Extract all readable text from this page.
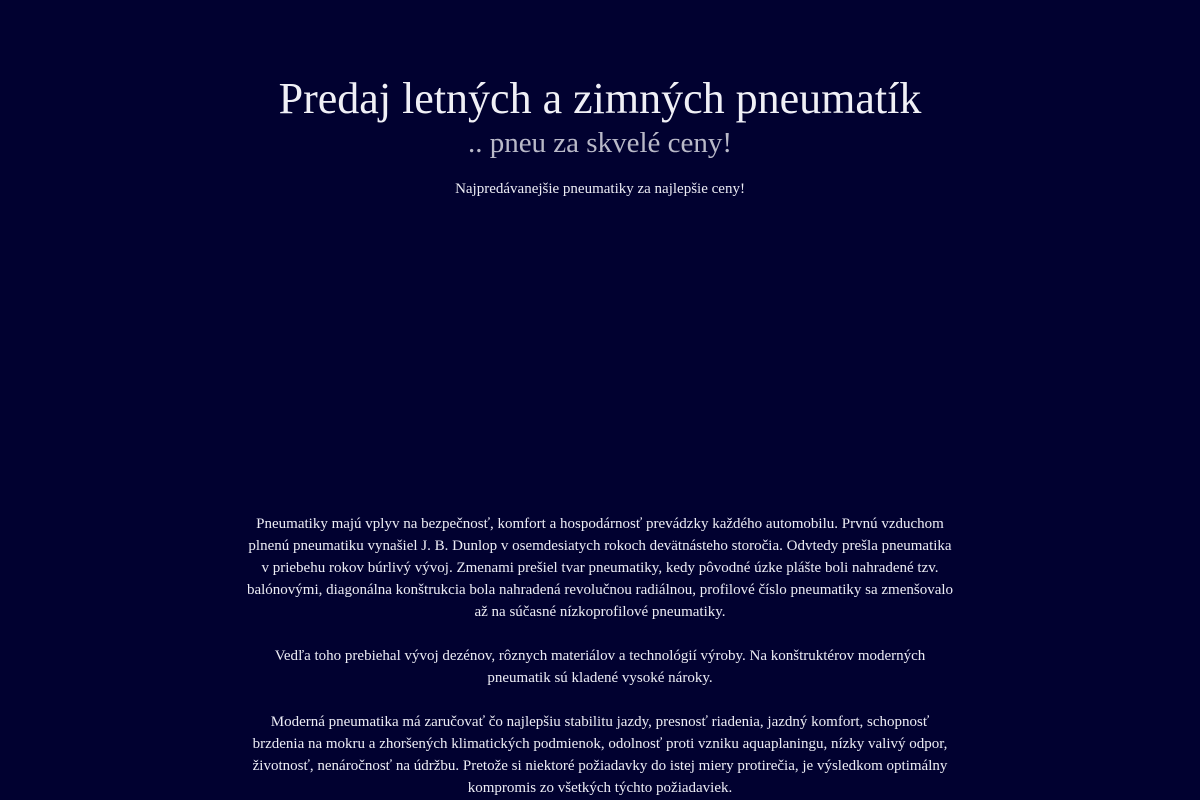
Predaj letných a zimných pneumatík
.. pneu za skvelé ceny!
Najpredávanejšie pneumatiky za najlepšie ceny!

Pneumatiky majú vplyv na bezpečnosť, komfort a hospodárnosť prevádzky každého automobilu. Prvnú vzduchom plnenú pneumatiku vynašiel J. B. Dunlop v osemdesiatych rokoch devätnásteho storočia. Odvtedy prešla pneumatika v priebehu rokov búrlivý vývoj. Zmenami prešiel tvar pneumatiky, kedy pôvodné úzke plášte boli nahradené tzv. balónovými, diagonálna konštrukcia bola nahradená revolučnou radiálnou, profilové číslo pneumatiky sa zmenšovalo až na súčasné nízkoprofilové pneumatiky.

Vedľa toho prebiehal vývoj dezénov, rôznych materiálov a technológií výroby. Na konštruktérov moderných pneumatik sú kladené vysoké nároky.

Moderná pneumatika má zaručovať čo najlepšiu stabilitu jazdy, presnosť riadenia, jazdný komfort, schopnosť brzdenia na mokru a zhoršených klimatických podmienok, odolnosť proti vzniku aquaplaningu, nízky valivý odpor, životnosť, nenáročnosť na údržbu. Pretože si niektoré požiadavky do istej miery protirečia, je výsledkom optimálny kompromis zo všetkých týchto požiadaviek.
